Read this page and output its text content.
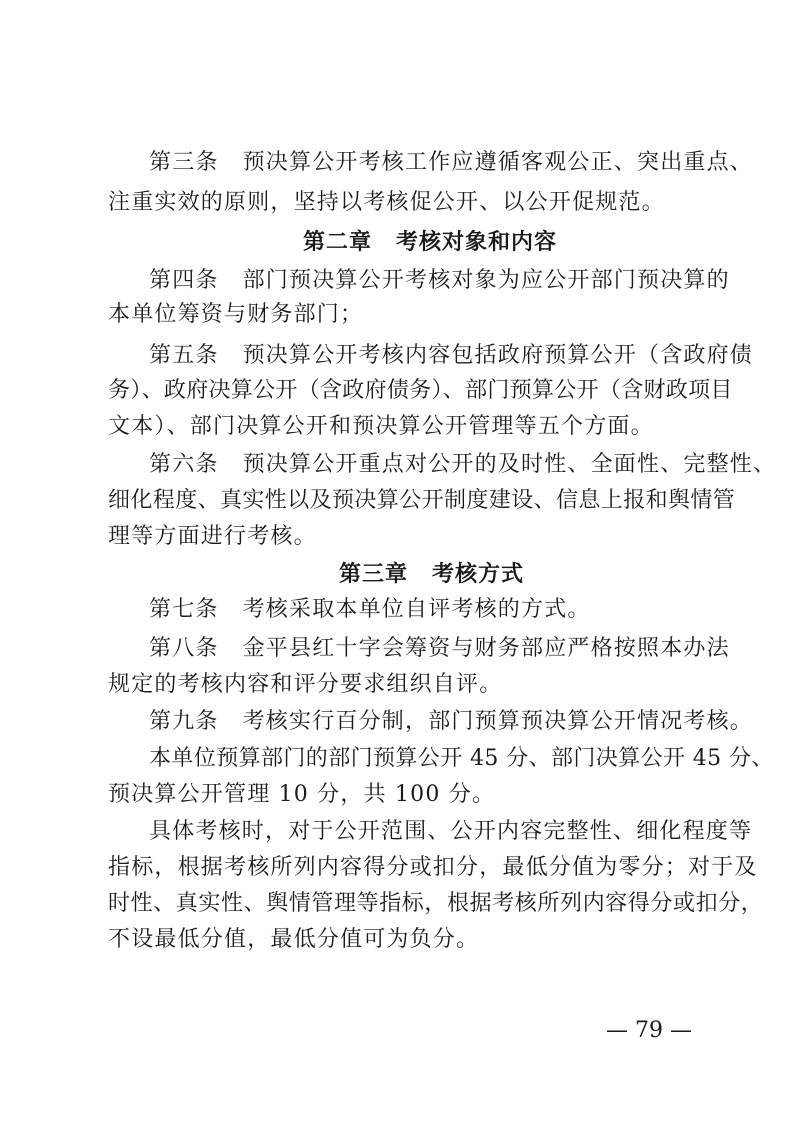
第三条 预决算公开考核工作应遵循客观公正、突出重点、
注重实效的原则，坚持以考核促公开、以公开促规范。
第二章 考核对象和内容
第四条 部门预决算公开考核对象为应公开部门预决算的
本单位筹资与财务部门；
第五条 预决算公开考核内容包括政府预算公开（含政府债
务）、政府决算公开（含政府债务）、部门预算公开（含财政项目
文本）、部门决算公开和预决算公开管理等五个方面。
第六条 预决算公开重点对公开的及时性、全面性、完整性、
细化程度、真实性以及预决算公开制度建设、信息上报和舆情管
理等方面进行考核。
第三章 考核方式
第七条 考核采取本单位自评考核的方式。
第八条 金平县红十字会筹资与财务部应严格按照本办法
规定的考核内容和评分要求组织自评。
第九条 考核实行百分制，部门预算预决算公开情况考核。
本单位预算部门的部门预算公开 45 分、部门决算公开 45 分、
预决算公开管理 10 分，共 100 分。
具体考核时，对于公开范围、公开内容完整性、细化程度等
指标，根据考核所列内容得分或扣分，最低分值为零分；对于及
时性、真实性、舆情管理等指标，根据考核所列内容得分或扣分，
不设最低分值，最低分值可为负分。
— 79 —
